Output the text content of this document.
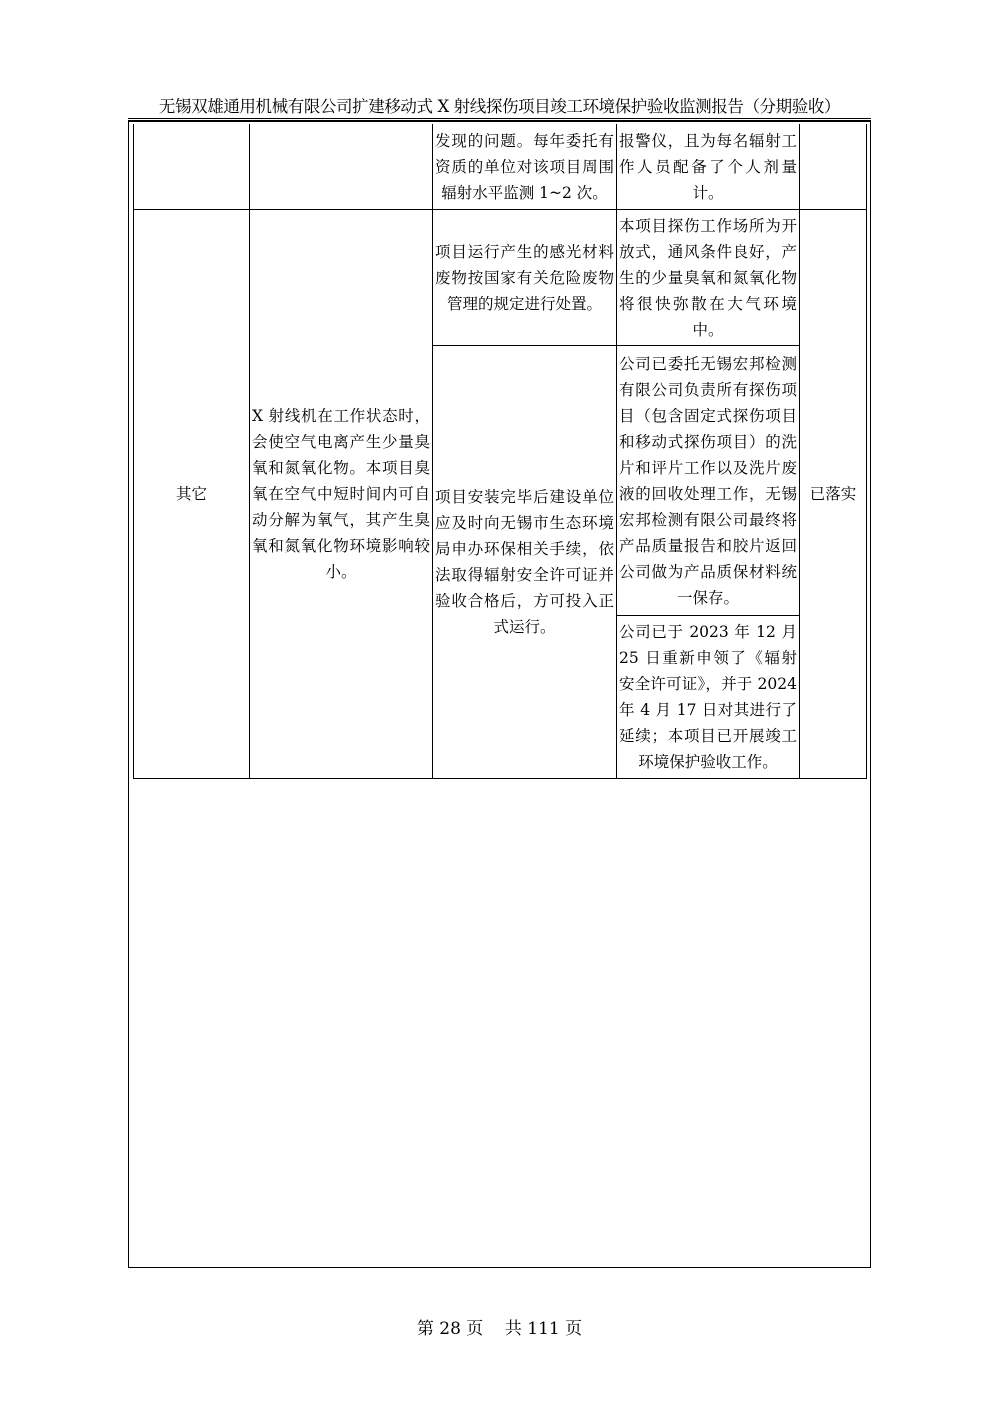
无锡双雄通用机械有限公司扩建移动式 X 射线探伤项目竣工环境保护验收监测报告（分期验收）
发现的问题。每年委托有资质的单位对该项目周围辐射水平监测 1~2 次。
报警仪，且为每名辐射工作人员配备了个人剂量计。
其它
X 射线机在工作状态时，会使空气电离产生少量臭氧和氮氧化物。本项目臭氧在空气中短时间内可自动分解为氧气，其产生臭氧和氮氧化物环境影响较小。
项目运行产生的感光材料废物按国家有关危险废物管理的规定进行处置。
本项目探伤工作场所为开放式，通风条件良好，产生的少量臭氧和氮氧化物将很快弥散在大气环境中。
项目安装完毕后建设单位应及时向无锡市生态环境局申办环保相关手续，依法取得辐射安全许可证并验收合格后，方可投入正式运行。
公司已委托无锡宏邦检测有限公司负责所有探伤项目（包含固定式探伤项目和移动式探伤项目）的洗片和评片工作以及洗片废液的回收处理工作，无锡宏邦检测有限公司最终将产品质量报告和胶片返回公司做为产品质保材料统一保存。
公司已于 2023 年 12 月 25 日重新申领了《辐射安全许可证》，并于 2024 年 4 月 17 日对其进行了延续；本项目已开展竣工环境保护验收工作。
已落实
第 28 页    共 111 页
